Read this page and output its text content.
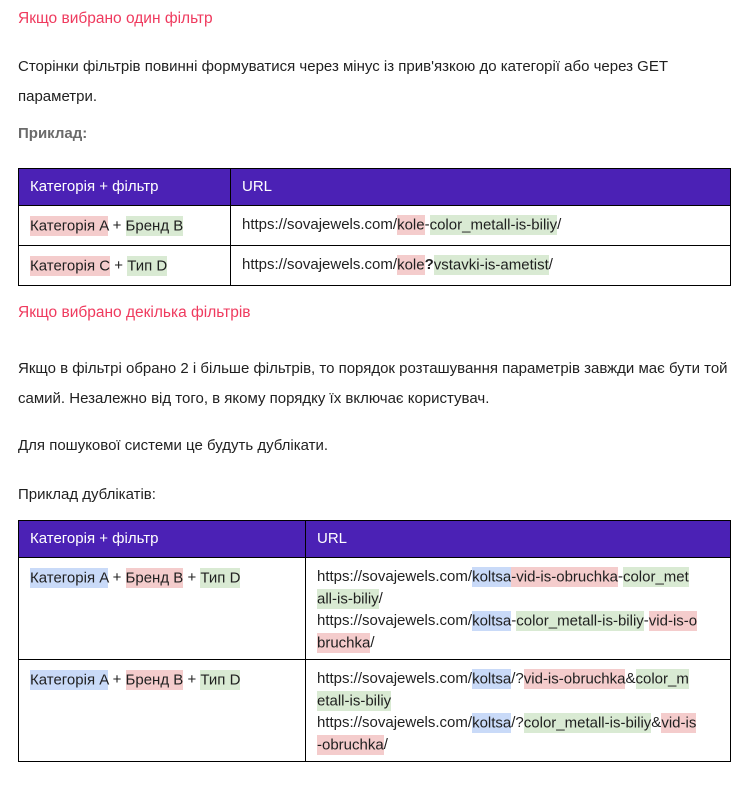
Якщо вибрано один фільтр

Сторінки фільтрів повинні формуватися через мінус із прив'язкою до категорії або через GET параметри.

Приклад:

Категорія + фільтр	URL
Категорія A + Бренд B	https://sovajewels.com/kole-color_metall-is-biliy/

Категорія C + Тип D	https://sovajewels.com/kole?vstavki-is-ametist/
Якщо вибрано декілька фільтрів

Якщо в фільтрі обрано 2 і більше фільтрів, то порядок розташування параметрів завжди має бути той самий. Незалежно від того, в якому порядку їх включає користувач.

Для пошукової системи це будуть дублікати.

Приклад дублікатів:

Категорія + фільтр	URL
Категорія A + Бренд B + Тип D	https://sovajewels.com/koltsa-vid-is-obruchka-color_met
all-is-biliy/
https://sovajewels.com/koltsa-color_metall-is-biliy-vid-is-o
bruchka/

Категорія A + Бренд B + Тип D	https://sovajewels.com/koltsa/?vid-is-obruchka&color_m
etall-is-biliy
https://sovajewels.com/koltsa/?color_metall-is-biliy&vid-is
-obruchka/
